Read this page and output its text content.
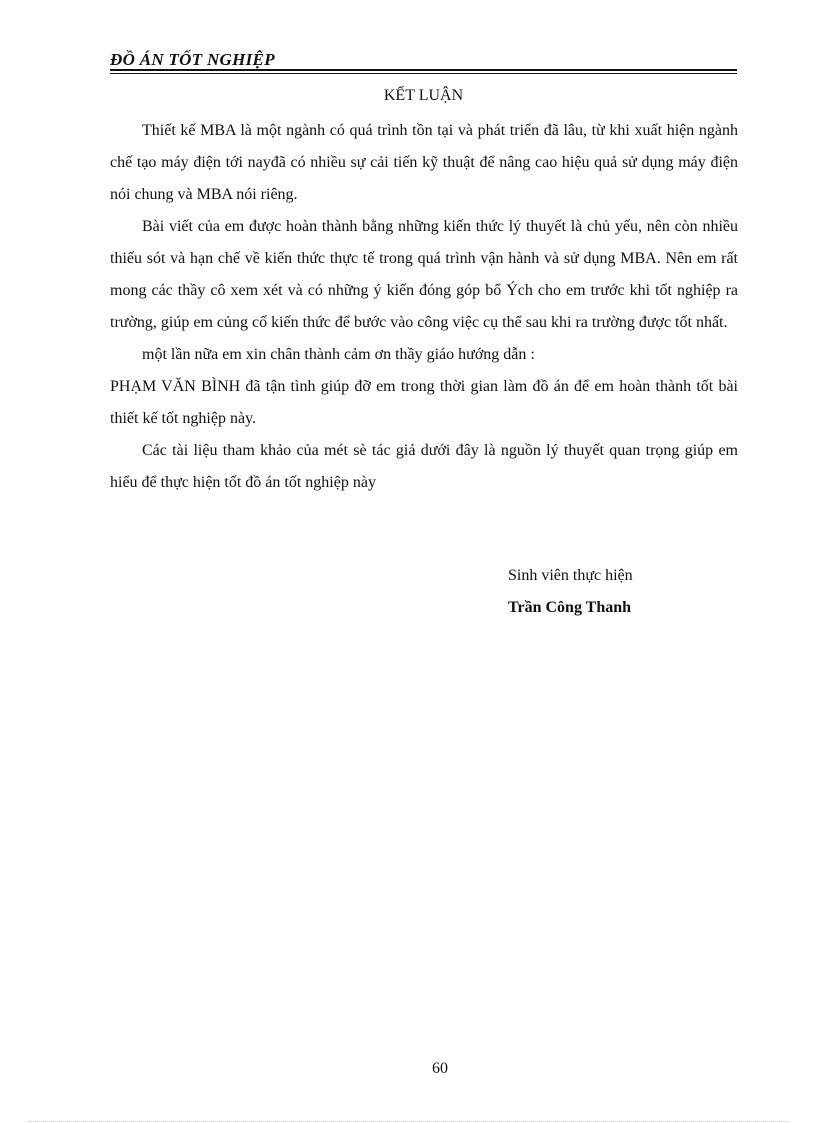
ĐỒ ÁN TỐT NGHIỆP
KẾT LUẬN

Thiết kế MBA là một ngành có quá trình tồn tại và phát triển đã lâu, từ khi xuất hiện ngành chế tạo máy điện tới nayđã có nhiều sự cải tiến kỹ thuật để nâng cao hiệu quả sử dụng máy điện nói chung và MBA nói riêng.

Bài viết của em được hoàn thành bằng những kiến thức lý thuyết là chủ yếu, nên còn nhiều thiếu sót và hạn chế về kiến thức thực tế trong quá trình vận hành và sử dụng MBA. Nên em rất mong các thầy cô xem xét và có những ý kiến đóng góp bổ Ých cho em trước khi tốt nghiệp ra trường, giúp em củng cố kiến thức để bước vào công việc cụ thể sau khi ra trường được tốt nhất.

một lần nữa em xin chân thành cảm ơn thầy giáo hướng dẫn :

PHẠM VĂN BÌNH đã tận tình giúp đỡ em trong thời gian làm đồ án để em hoàn thành tốt bài thiết kế tốt nghiệp này.

Các tài liệu tham khảo của mét sè tác giả dưới đây là nguồn lý thuyết quan trọng giúp em hiểu để thực hiện tốt đồ án tốt nghiệp này

Sinh viên thực hiện
Trần Công Thanh
60
